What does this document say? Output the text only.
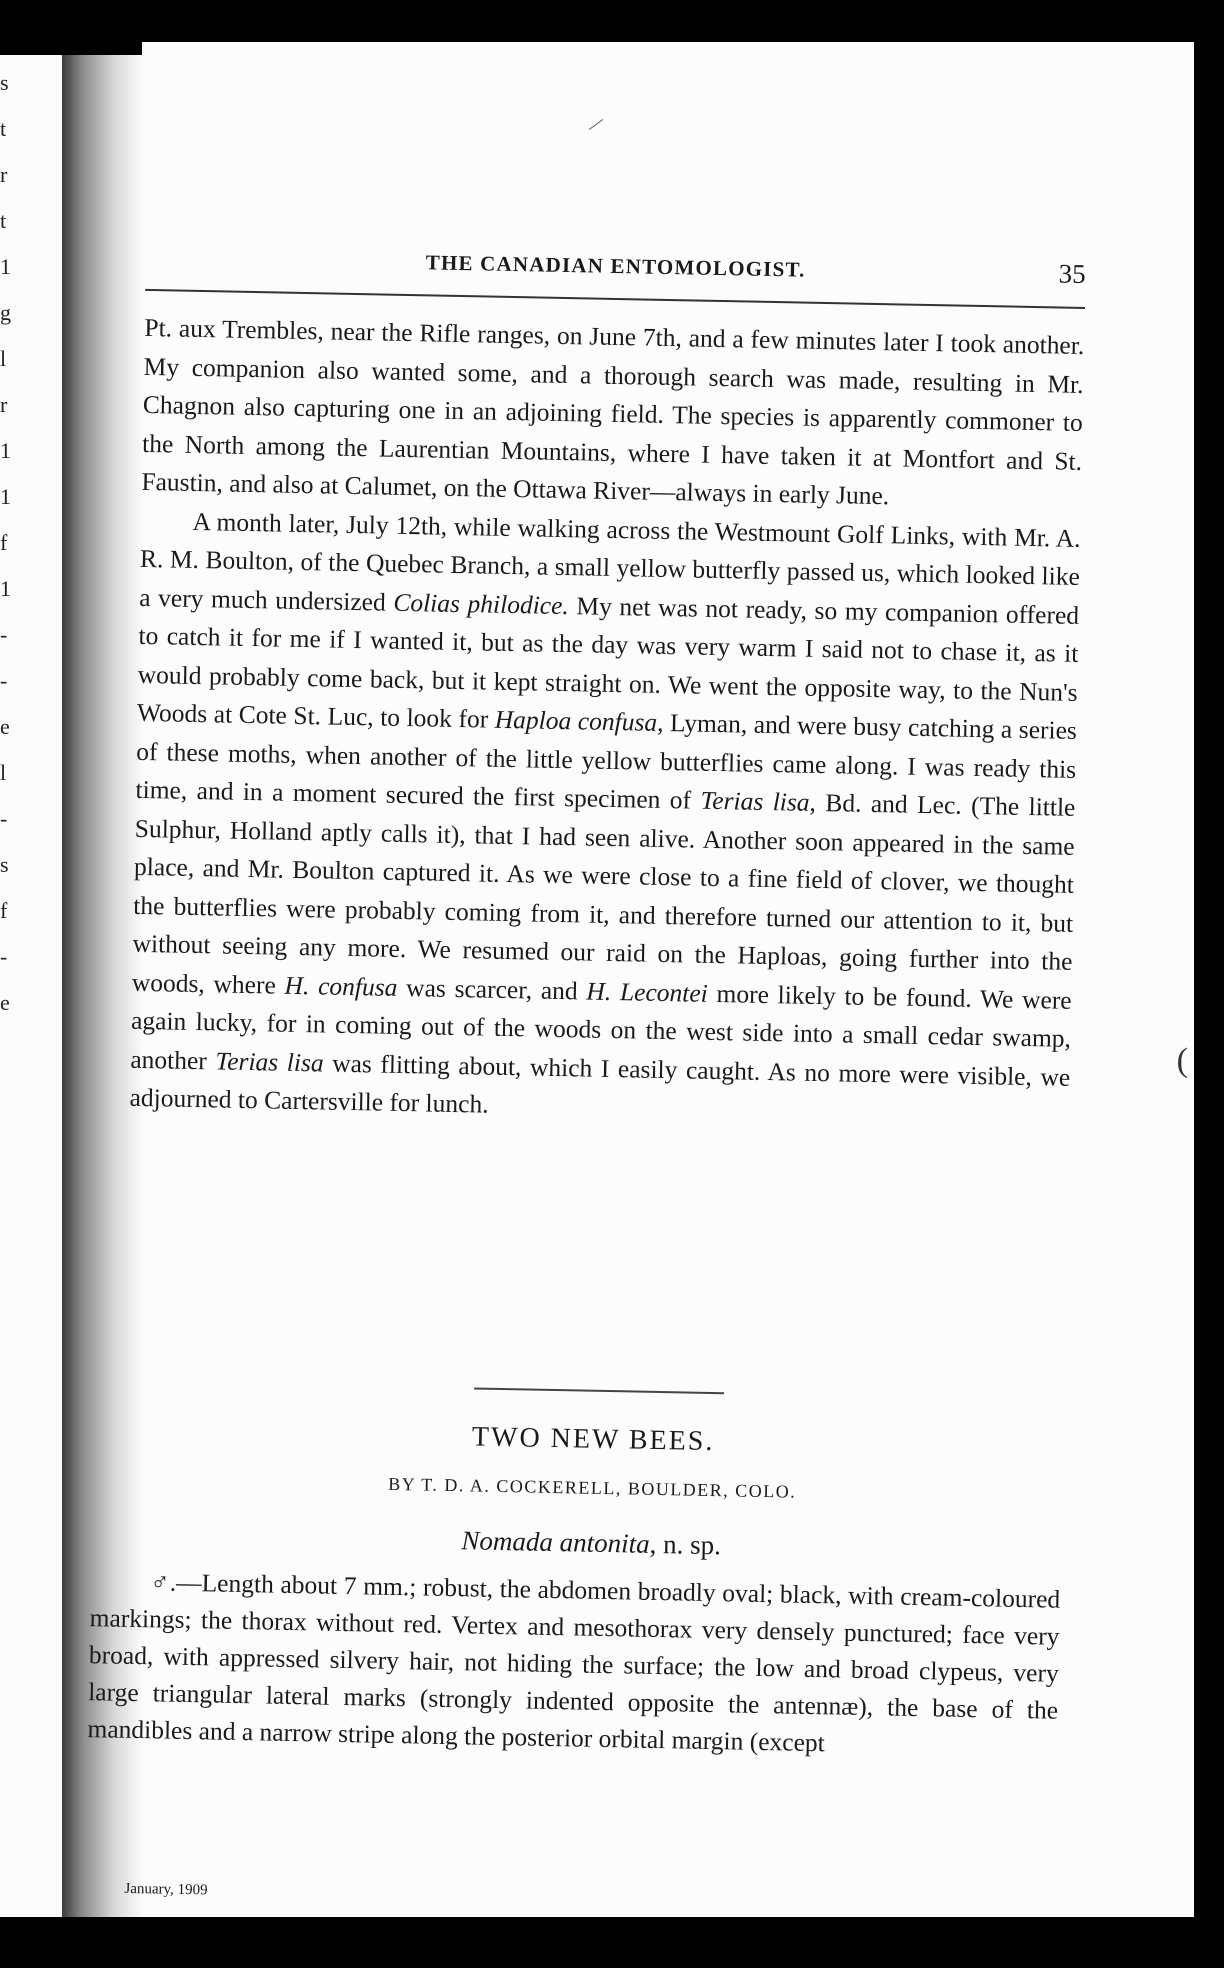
s
t
r
t
1
g
l
r
1
1
f
1
-
-
e
l
-
s
f
-
e
/
(
THE CANADIAN ENTOMOLOGIST.	35

Pt. aux Trembles, near the Rifle ranges, on June 7th, and a few minutes later I took another. My companion also wanted some, and a thorough search was made, resulting in Mr. Chagnon also capturing one in an adjoining field. The species is apparently commoner to the North among the Laurentian Mountains, where I have taken it at Montfort and St. Faustin, and also at Calumet, on the Ottawa River—always in early June.

A month later, July 12th, while walking across the Westmount Golf Links, with Mr. A. R. M. Boulton, of the Quebec Branch, a small yellow butterfly passed us, which looked like a very much undersized Colias philodice. My net was not ready, so my companion offered to catch it for me if I wanted it, but as the day was very warm I said not to chase it, as it would probably come back, but it kept straight on. We went the opposite way, to the Nun's Woods at Cote St. Luc, to look for Haploa confusa, Lyman, and were busy catching a series of these moths, when another of the little yellow butterflies came along. I was ready this time, and in a moment secured the first specimen of Terias lisa, Bd. and Lec. (The little Sulphur, Holland aptly calls it), that I had seen alive. Another soon appeared in the same place, and Mr. Boulton captured it. As we were close to a fine field of clover, we thought the butterflies were probably coming from it, and therefore turned our attention to it, but without seeing any more. We resumed our raid on the Haploas, going further into the woods, where H. confusa was scarcer, and H. Lecontei more likely to be found. We were again lucky, for in coming out of the woods on the west side into a small cedar swamp, another Terias lisa was flitting about, which I easily caught. As no more were visible, we adjourned to Cartersville for lunch.

TWO NEW BEES.
BY T. D. A. COCKERELL, BOULDER, COLO.
Nomada antonita, n. sp.

♂.—Length about 7 mm.; robust, the abdomen broadly oval; black, with cream-coloured markings; the thorax without red. Vertex and mesothorax very densely punctured; face very broad, with appressed silvery hair, not hiding the surface; the low and broad clypeus, very large triangular lateral marks (strongly indented opposite the antennæ), the base of the mandibles and a narrow stripe along the posterior orbital margin (except

January, 1909
